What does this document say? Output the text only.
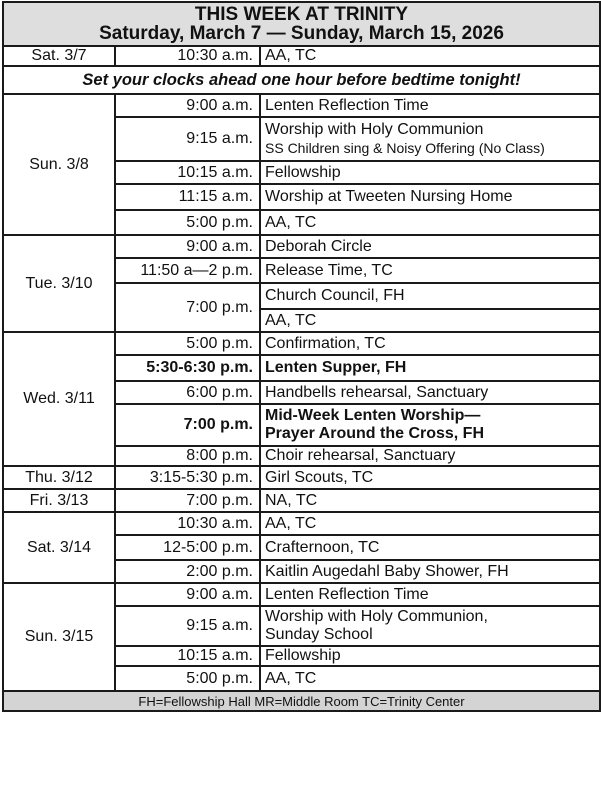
THIS WEEK AT TRINITY
Saturday, March 7 — Sunday, March 15, 2026		

Sat. 3/7	10:30 a.m.	AA, TC
Set your clocks ahead one hour before bedtime tonight!		
Sun. 3/8	9:00 a.m.	Lenten Reflection Time
	9:15 a.m.	Worship with Holy Communion
SS Children sing & Noisy Offering (No Class)

	10:15 a.m.	Fellowship
	11:15 a.m.	Worship at Tweeten Nursing Home
	5:00 p.m.	AA, TC
Tue. 3/10	9:00 a.m.	Deborah Circle
	11:50 a—2 p.m.	Release Time, TC
	7:00 p.m.	Church Council, FH
		AA, TC
Wed. 3/11	5:00 p.m.	Confirmation, TC
	5:30-6:30 p.m.	Lenten Supper, FH
	6:00 p.m.	Handbells rehearsal, Sanctuary
	7:00 p.m.	Mid-Week Lenten Worship—
Prayer Around the Cross, FH

	8:00 p.m.	Choir rehearsal, Sanctuary
Thu. 3/12	3:15-5:30 p.m.	Girl Scouts, TC
Fri. 3/13	7:00 p.m.	NA, TC
Sat. 3/14	10:30 a.m.	AA, TC
	12-5:00 p.m.	Crafternoon, TC
	2:00 p.m.	Kaitlin Augedahl Baby Shower, FH
Sun. 3/15	9:00 a.m.	Lenten Reflection Time
	9:15 a.m.	Worship with Holy Communion,
Sunday School

	10:15 a.m.	Fellowship
	5:00 p.m.	AA, TC
FH=Fellowship Hall MR=Middle Room TC=Trinity Center		
